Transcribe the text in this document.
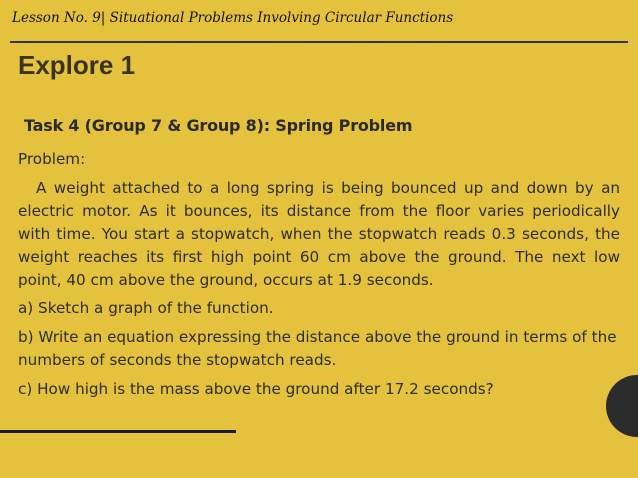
Lesson No. 9| Situational Problems Involving Circular Functions
Explore 1
Task 4 (Group 7 & Group 8): Spring Problem

Problem:

A weight attached to a long spring is being bounced up and down by an electric motor. As it bounces, its distance from the floor varies periodically with time. You start a stopwatch, when the stopwatch reads 0.3 seconds, the weight reaches its first high point 60 cm above the ground. The next low point, 40 cm above the ground, occurs at 1.9 seconds.

a) Sketch a graph of the function.

b) Write an equation expressing the distance above the ground in terms of the numbers of seconds the stopwatch reads.

c) How high is the mass above the ground after 17.2 seconds?
